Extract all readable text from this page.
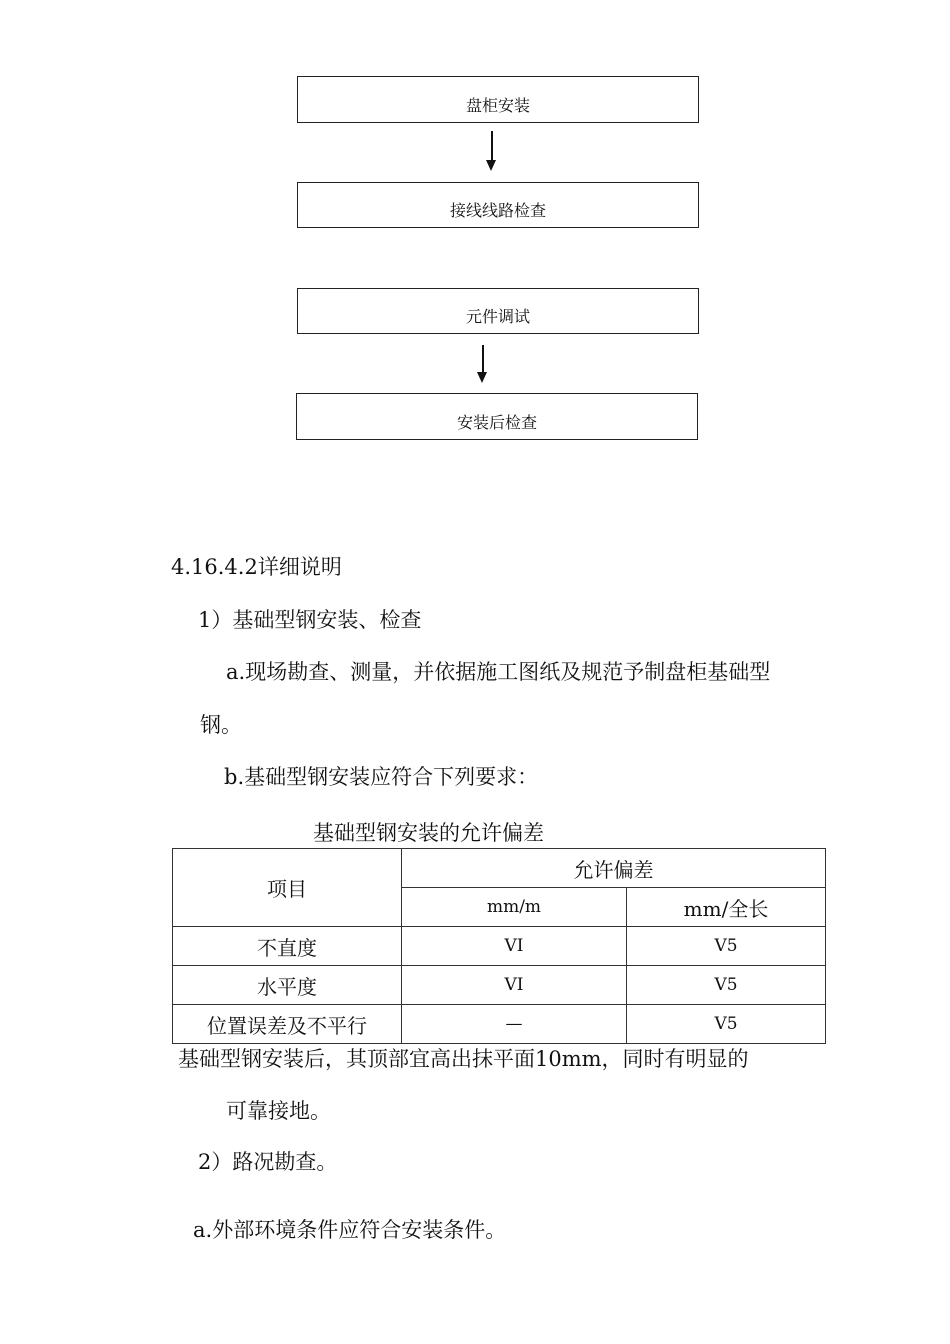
盘柜安装
接线线路检查
元件调试
安装后检查
4.16.4.2详细说明
1）基础型钢安装、检查
a.现场勘查、测量，并依据施工图纸及规范予制盘柜基础型
钢。
b.基础型钢安装应符合下列要求：
基础型钢安装的允许偏差
项目	允许偏差	
	mm/m	mm/全长
不直度	VI	V5
水平度	VI	V5
位置误差及不平行	—	V5
基础型钢安装后，其顶部宜高出抹平面10mm，同时有明显的
可靠接地。
2）路况勘查。
a.外部环境条件应符合安装条件。
